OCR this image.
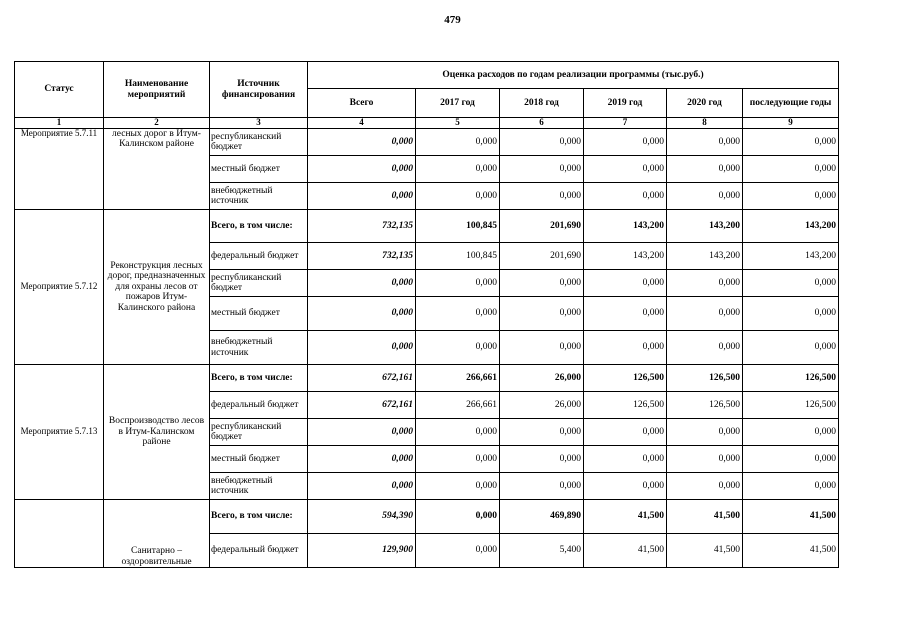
479
Статус	Наименование мероприятий	Источник финансирования	Оценка расходов по годам реализации программы (тыс.руб.)					
			Всего	2017 год	2018 год	2019 год	2020 год	последующие годы
1	2	3	4	5	6	7	8	9
Мероприятие 5.7.11	лесных дорог в Итум-Калинском районе	республиканский бюджет	0,000	0,000	0,000	0,000	0,000	0,000
		местный бюджет	0,000	0,000	0,000	0,000	0,000	0,000
		внебюджетный источник	0,000	0,000	0,000	0,000	0,000	0,000
Мероприятие 5.7.12	Реконструкция лесных дорог, предназначенных для охраны лесов от пожаров Итум-Калинского района	Всего, в том числе:	732,135	100,845	201,690	143,200	143,200	143,200
		федеральный бюджет	732,135	100,845	201,690	143,200	143,200	143,200
		республиканский бюджет	0,000	0,000	0,000	0,000	0,000	0,000
		местный бюджет	0,000	0,000	0,000	0,000	0,000	0,000
		внебюджетный источник	0,000	0,000	0,000	0,000	0,000	0,000
Мероприятие 5.7.13	Воспроизводство лесов в Итум-Калинском районе	Всего, в том числе:	672,161	266,661	26,000	126,500	126,500	126,500
		федеральный бюджет	672,161	266,661	26,000	126,500	126,500	126,500
		республиканский бюджет	0,000	0,000	0,000	0,000	0,000	0,000
		местный бюджет	0,000	0,000	0,000	0,000	0,000	0,000
		внебюджетный источник	0,000	0,000	0,000	0,000	0,000	0,000
	Санитарно – оздоровительные	Всего, в том числе:	594,390	0,000	469,890	41,500	41,500	41,500
		федеральный бюджет	129,900	0,000	5,400	41,500	41,500	41,500
